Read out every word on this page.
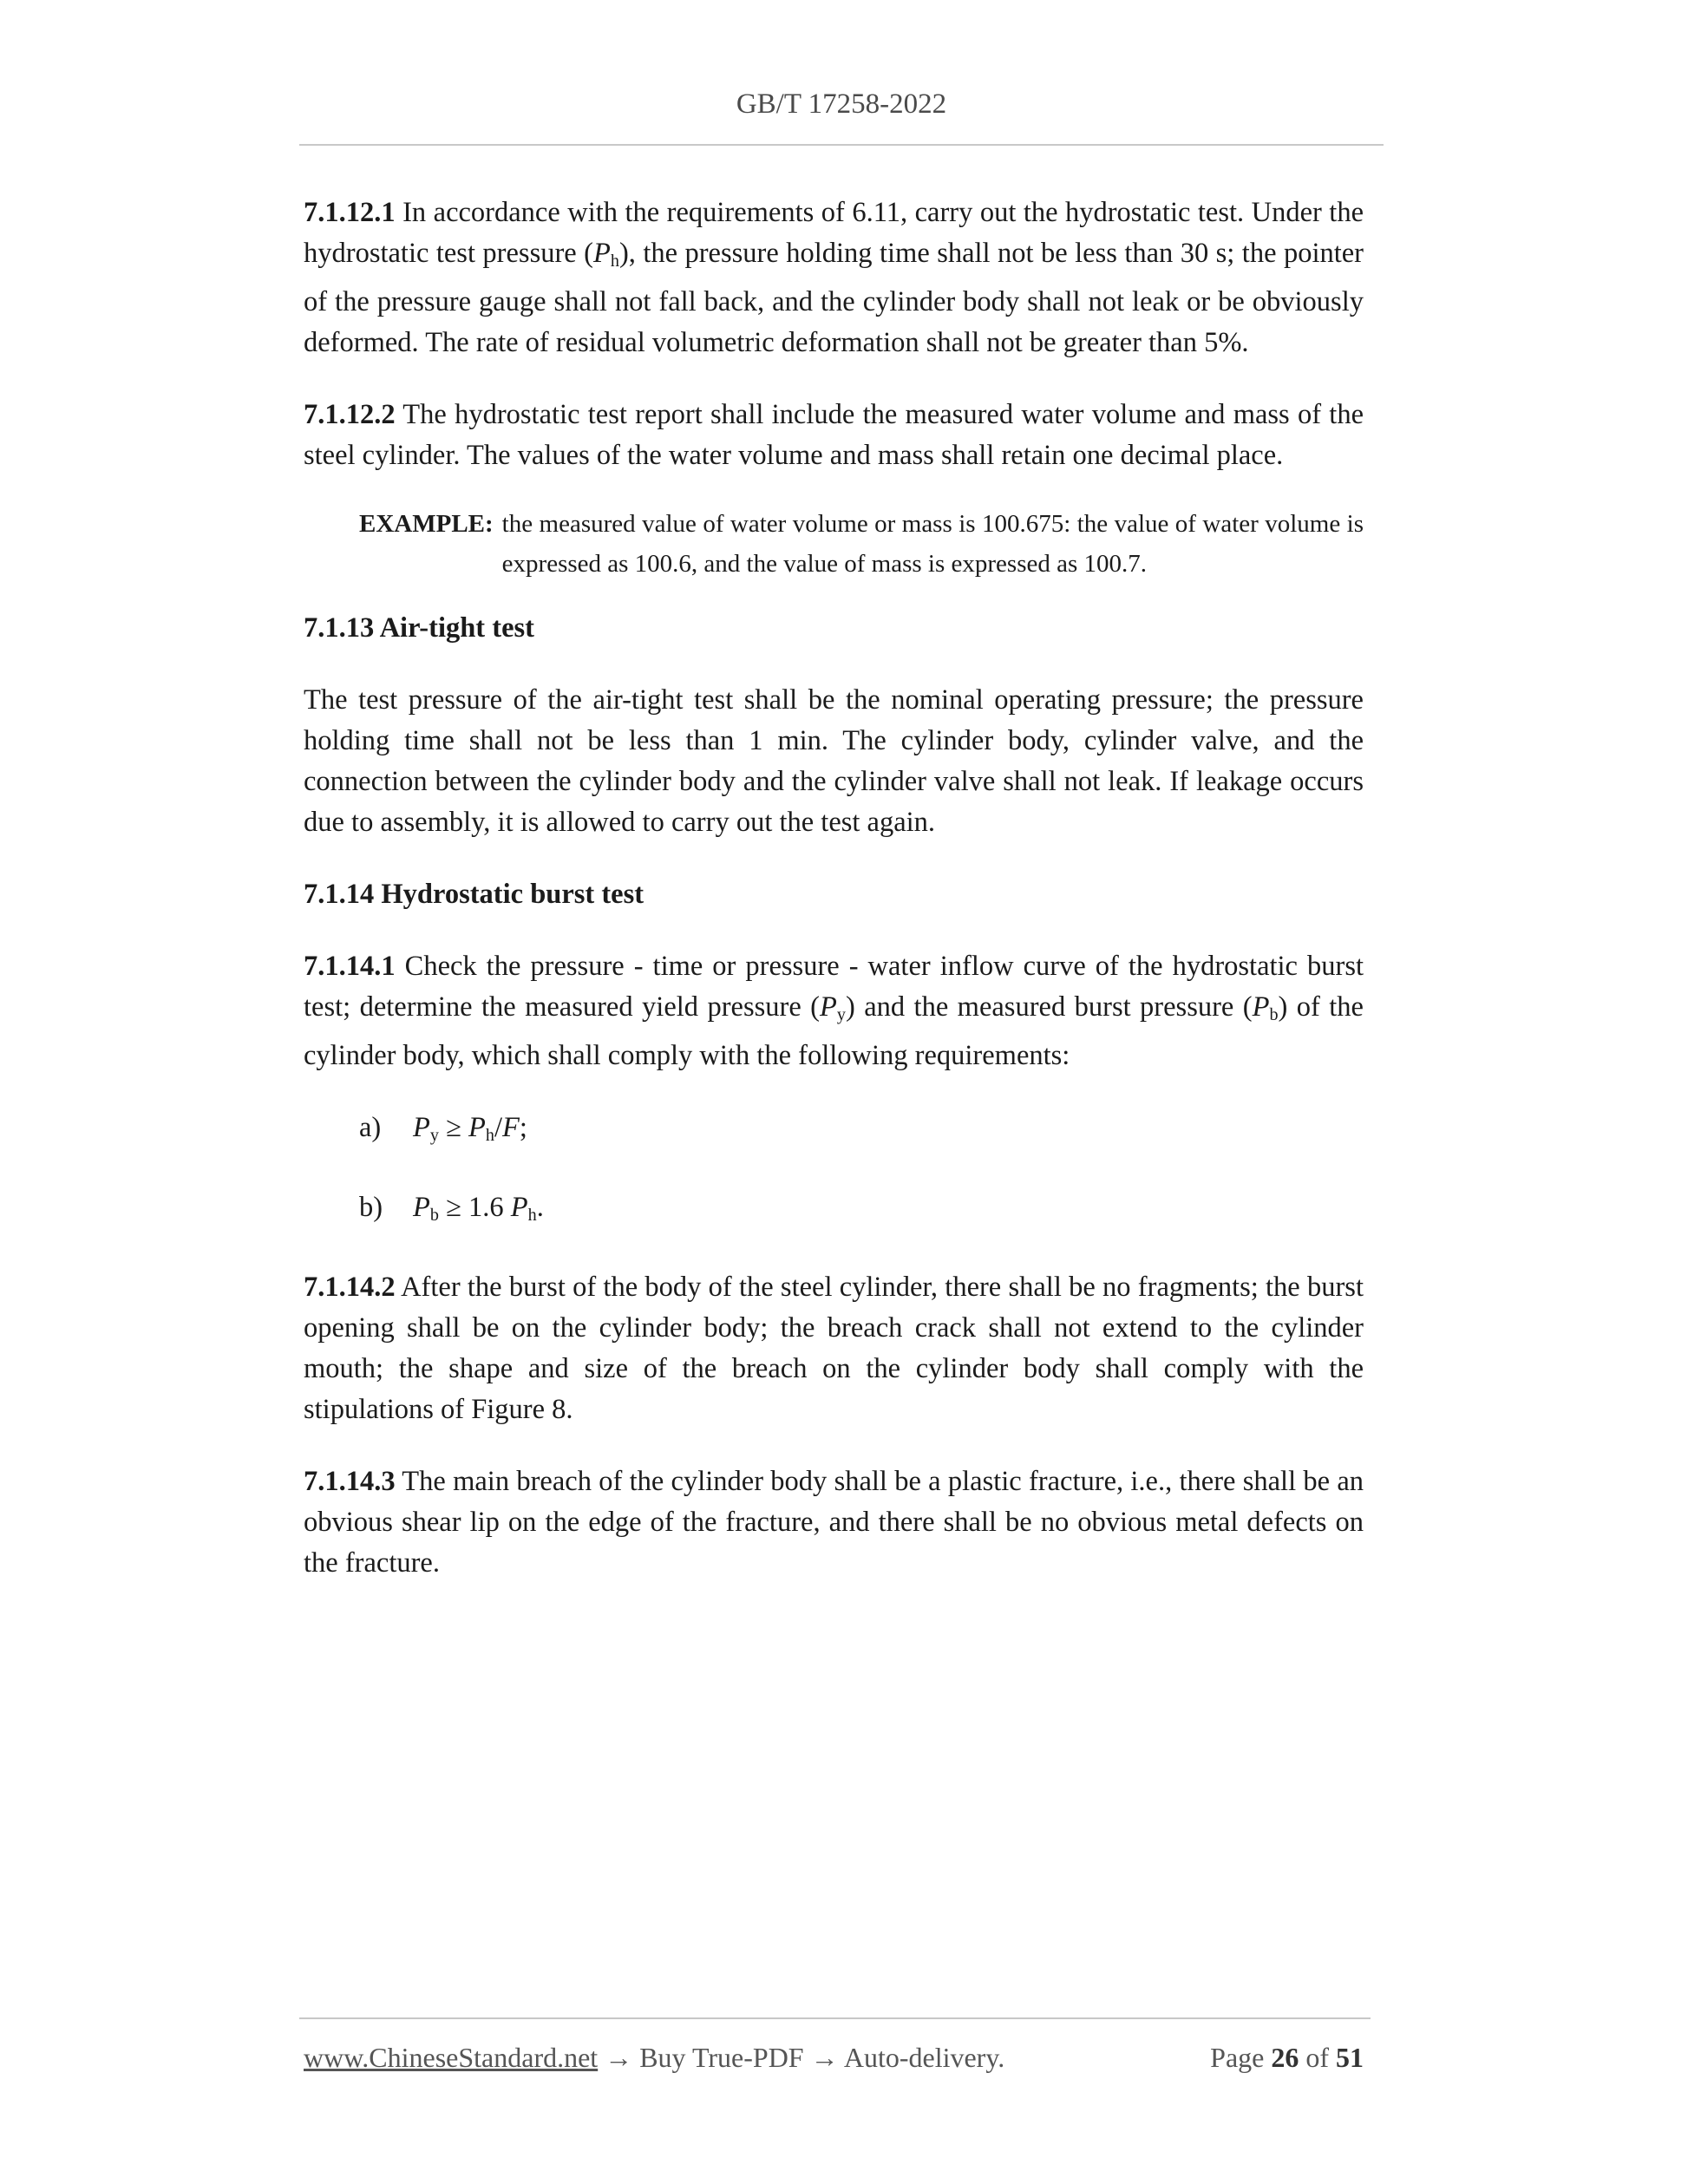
GB/T 17258-2022

7.1.12.1 In accordance with the requirements of 6.11, carry out the hydrostatic test. Under the hydrostatic test pressure $(P_h)$, the pressure holding time shall not be less than 30 s; the pointer of the pressure gauge shall not fall back, and the cylinder body shall not leak or be obviously deformed. The rate of residual volumetric deformation shall not be greater than 5%.

7.1.12.2 The hydrostatic test report shall include the measured water volume and mass of the steel cylinder. The values of the water volume and mass shall retain one decimal place.

EXAMPLE: the measured value of water volume or mass is 100.675: the value of water volume is expressed as 100.6, and the value of mass is expressed as 100.7.

7.1.13 Air-tight test

The test pressure of the air-tight test shall be the nominal operating pressure; the pressure holding time shall not be less than 1 min. The cylinder body, cylinder valve, and the connection between the cylinder body and the cylinder valve shall not leak. If leakage occurs due to assembly, it is allowed to carry out the test again.

7.1.14 Hydrostatic burst test

7.1.14.1 Check the pressure - time or pressure - water inflow curve of the hydrostatic burst test; determine the measured yield pressure $(P_y)$ and the measured burst pressure $(P_b)$ of the cylinder body, which shall comply with the following requirements:

a)	$P_y \ge P_h/F$;
b)	$P_b \ge 1.6$ $P_h$.

7.1.14.2 After the burst of the body of the steel cylinder, there shall be no fragments; the burst opening shall be on the cylinder body; the breach crack shall not extend to the cylinder mouth; the shape and size of the breach on the cylinder body shall comply with the stipulations of Figure 8.

7.1.14.3 The main breach of the cylinder body shall be a plastic fracture, i.e., there shall be an obvious shear lip on the edge of the fracture, and there shall be no obvious metal defects on the fracture.

www.ChineseStandard.net → Buy True-PDF → Auto-delivery.	Page 26 of 51
